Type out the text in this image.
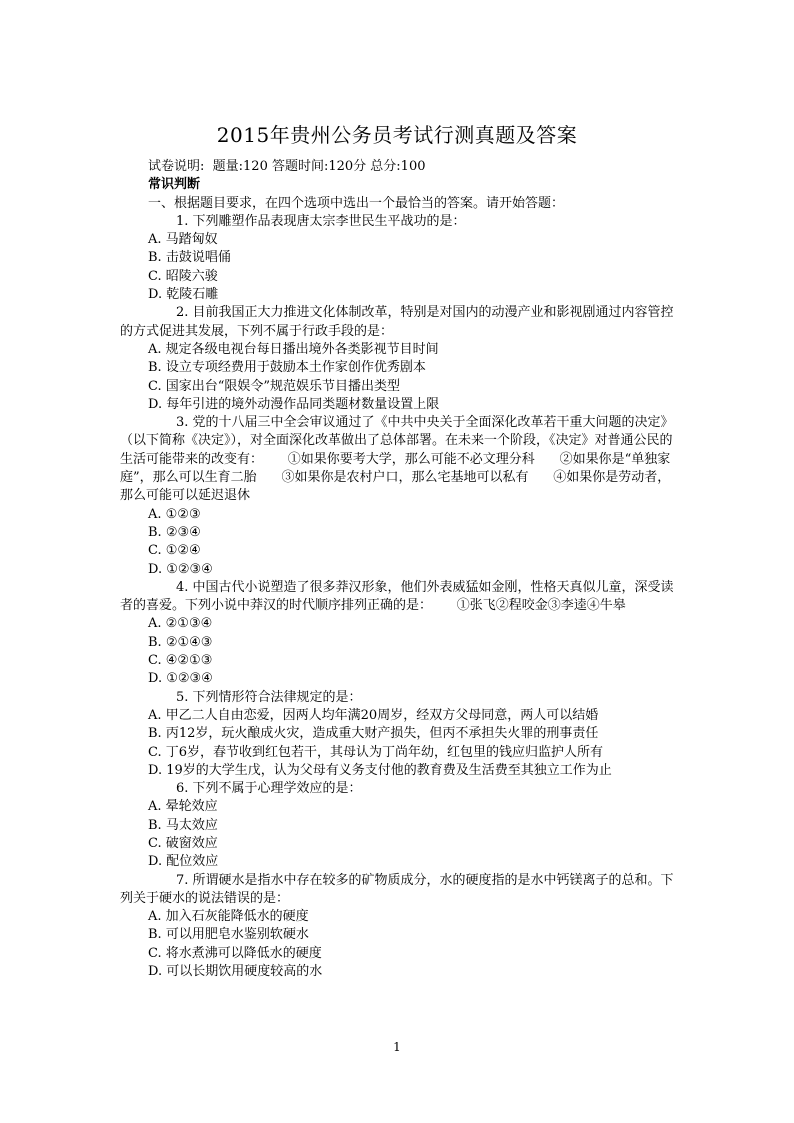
2015年贵州公务员考试行测真题及答案
试卷说明:  题量:120 答题时间:120分 总分:100
常识判断
一、根据题目要求，在四个选项中选出一个最恰当的答案。请开始答题：
1. 下列雕塑作品表现唐太宗李世民生平战功的是：
A. 马踏匈奴
B. 击鼓说唱俑
C. 昭陵六骏
D. 乾陵石雕
2. 目前我国正大力推进文化体制改革，特别是对国内的动漫产业和影视剧通过内容管控的方式促进其发展，下列不属于行政手段的是：
A. 规定各级电视台每日播出境外各类影视节目时间
B. 设立专项经费用于鼓励本土作家创作优秀剧本
C. 国家出台“限娱令”规范娱乐节目播出类型
D. 每年引进的境外动漫作品同类题材数量设置上限
3. 党的十八届三中全会审议通过了《中共中央关于全面深化改革若干重大问题的决定》（以下简称《决定》），对全面深化改革做出了总体部署。在未来一个阶段，《决定》对普通公民的生活可能带来的改变有：      ①如果你要考大学，那么可能不必文理分科      ②如果你是“单独家庭”，那么可以生育二胎      ③如果你是农村户口，那么宅基地可以私有      ④如果你是劳动者，那么可能可以延迟退休
A. ①②③
B. ②③④
C. ①②④
D. ①②③④
4. 中国古代小说塑造了很多莽汉形象，他们外表威猛如金刚，性格天真似儿童，深受读者的喜爱。下列小说中莽汉的时代顺序排列正确的是：      ①张飞②程咬金③李逵④牛皋
A. ②①③④
B. ②①④③
C. ④②①③
D. ①②③④
5. 下列情形符合法律规定的是：
A. 甲乙二人自由恋爱，因两人均年满20周岁，经双方父母同意，两人可以结婚
B. 丙12岁，玩火酿成火灾，造成重大财产损失，但丙不承担失火罪的刑事责任
C. 丁6岁，春节收到红包若干，其母认为丁尚年幼，红包里的钱应归监护人所有
D. 19岁的大学生戊，认为父母有义务支付他的教育费及生活费至其独立工作为止
6. 下列不属于心理学效应的是：
A. 晕轮效应
B. 马太效应
C. 破窗效应
D. 配位效应
7. 所谓硬水是指水中存在较多的矿物质成分，水的硬度指的是水中钙镁离子的总和。下列关于硬水的说法错误的是：
A. 加入石灰能降低水的硬度
B. 可以用肥皂水鉴别软硬水
C. 将水煮沸可以降低水的硬度
D. 可以长期饮用硬度较高的水
1
